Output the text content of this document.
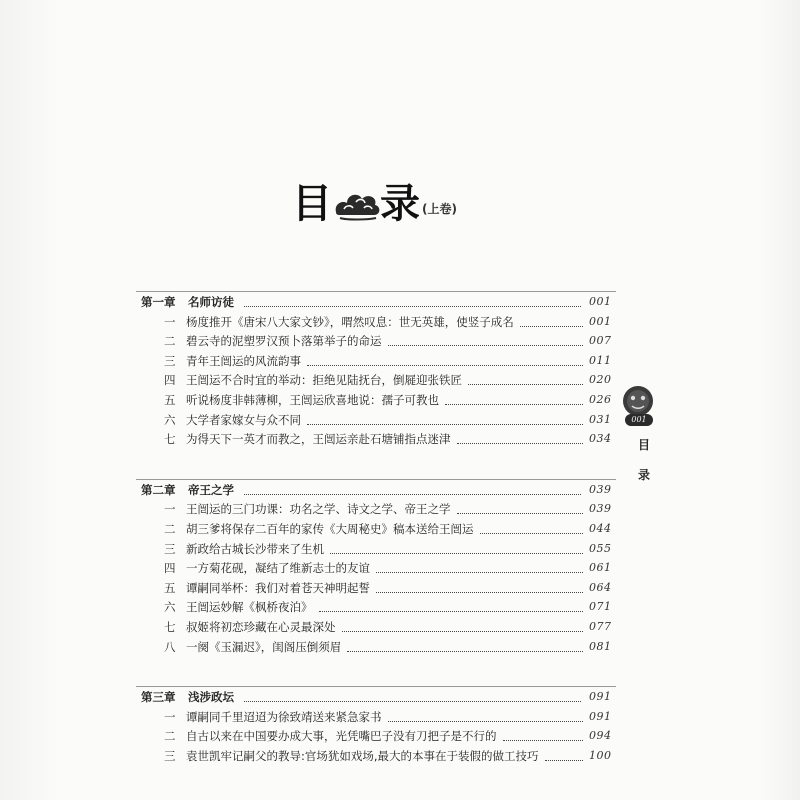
目 录 (上卷)
第一章 名师访徒	001
一 杨度推开《唐宋八大家文钞》，喟然叹息：世无英雄，使竖子成名	001
二 碧云寺的泥塑罗汉预卜落第举子的命运	007
三 青年王闿运的风流韵事	011
四 王闿运不合时宜的举动：拒绝见陆抚台，倒屣迎张铁匠	020
五 听说杨度非韩薄柳，王闿运欣喜地说：孺子可教也	026
六 大学者家嫁女与众不同	031
七 为得天下一英才而教之，王闿运亲赴石塘铺指点迷津	034
第二章 帝王之学	039
一 王闿运的三门功课：功名之学、诗文之学、帝王之学	039
二 胡三爹将保存二百年的家传《大周秘史》稿本送给王闿运	044
三 新政给古城长沙带来了生机	055
四 一方菊花砚，凝结了维新志士的友谊	061
五 谭嗣同举杯：我们对着苍天神明起誓	064
六 王闿运妙解《枫桥夜泊》	071
七 叔姬将初恋珍藏在心灵最深处	077
八 一阕《玉漏迟》，闺阁压倒须眉	081
第三章 浅涉政坛	091
一 谭嗣同千里迢迢为徐致靖送来紧急家书	091
二 自古以来在中国要办成大事，光凭嘴巴子没有刀把子是不行的	094
三 袁世凯牢记嗣父的教导:官场犹如戏场,最大的本事在于装假的做工技巧	100
001
目
录
